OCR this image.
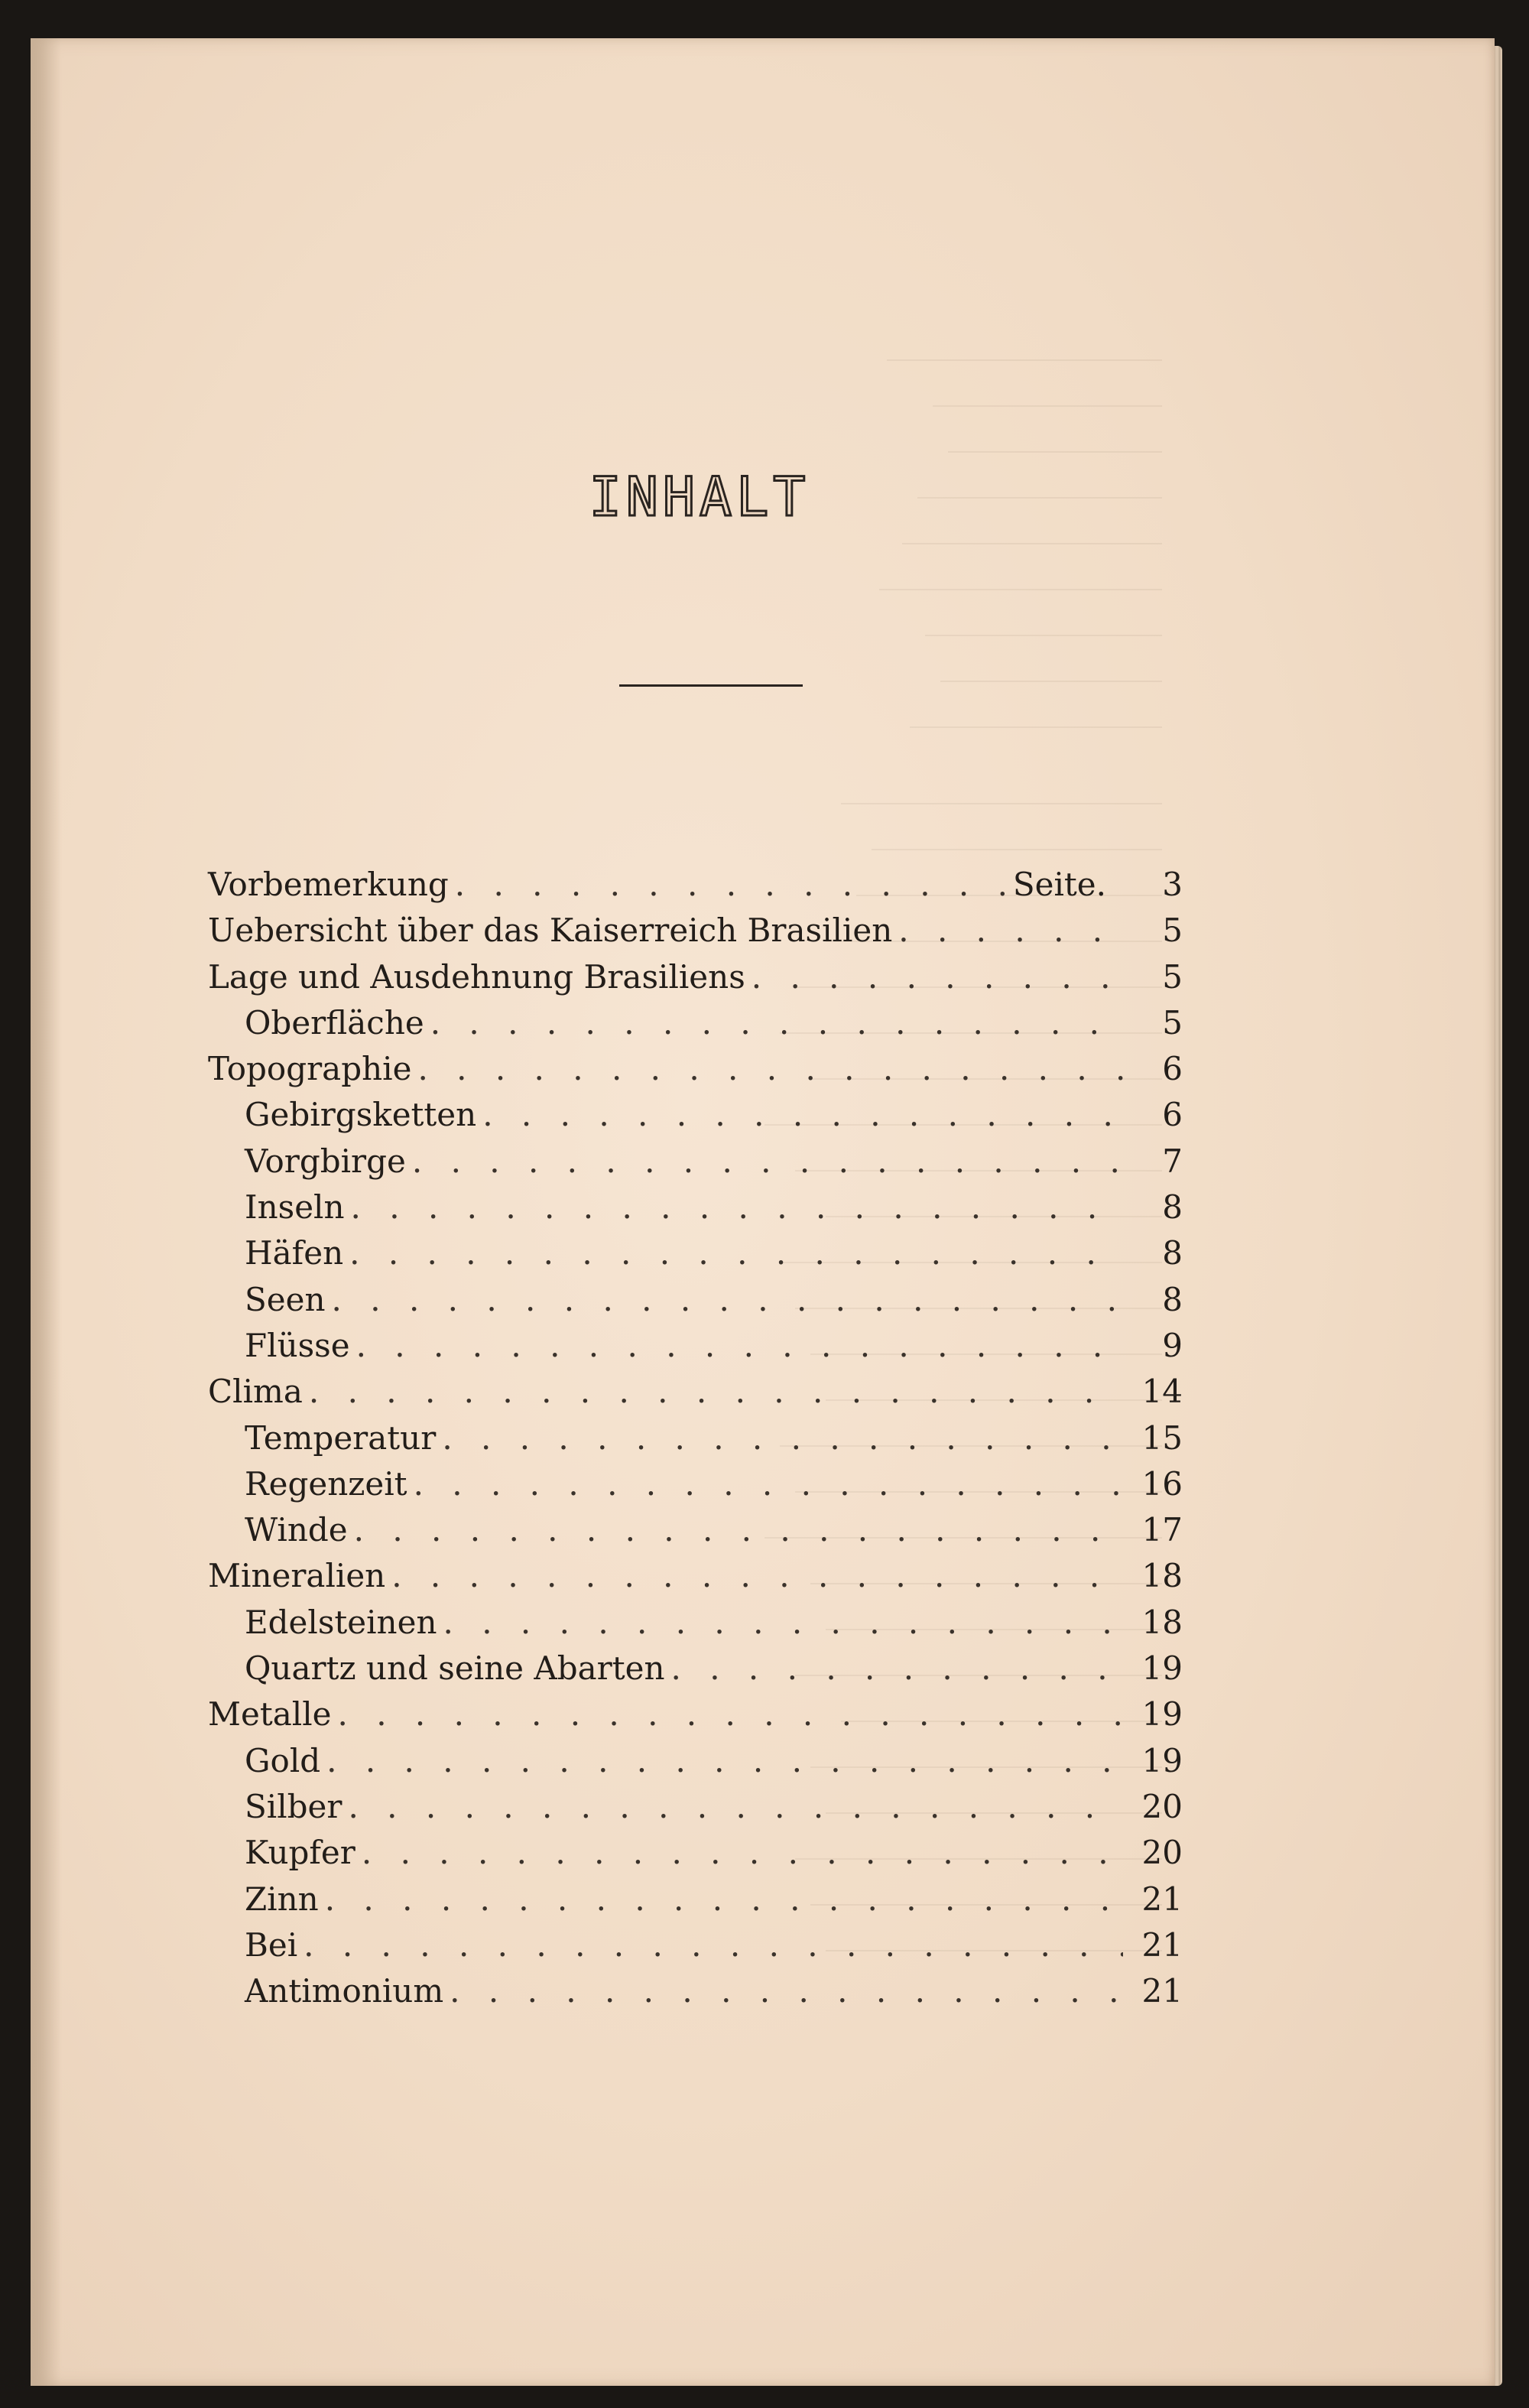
INHALT
Vorbemerkung . . .	Seite.	3
Uebersicht über das Kaiserreich Brasilien . . .	5
Lage und Ausdehnung Brasiliens . . .	5
Oberfläche . . .	5
Topographie . . .	6
Gebirgsketten . . .	6
Vorgbirge . . .	7
Inseln . . .	8
Häfen . . .	8
Seen . . .	8
Flüsse . . .	9
Clima . . .	14
Temperatur . . .	15
Regenzeit . . .	16
Winde . . .	17
Mineralien . . .	18
Edelsteinen . . .	18
Quartz und seine Abarten . . .	19
Metalle . . .	19
Gold . . .	19
Silber . . .	20
Kupfer . . .	20
Zinn . . .	21
Bei . . .	21
Antimonium . . .	21
